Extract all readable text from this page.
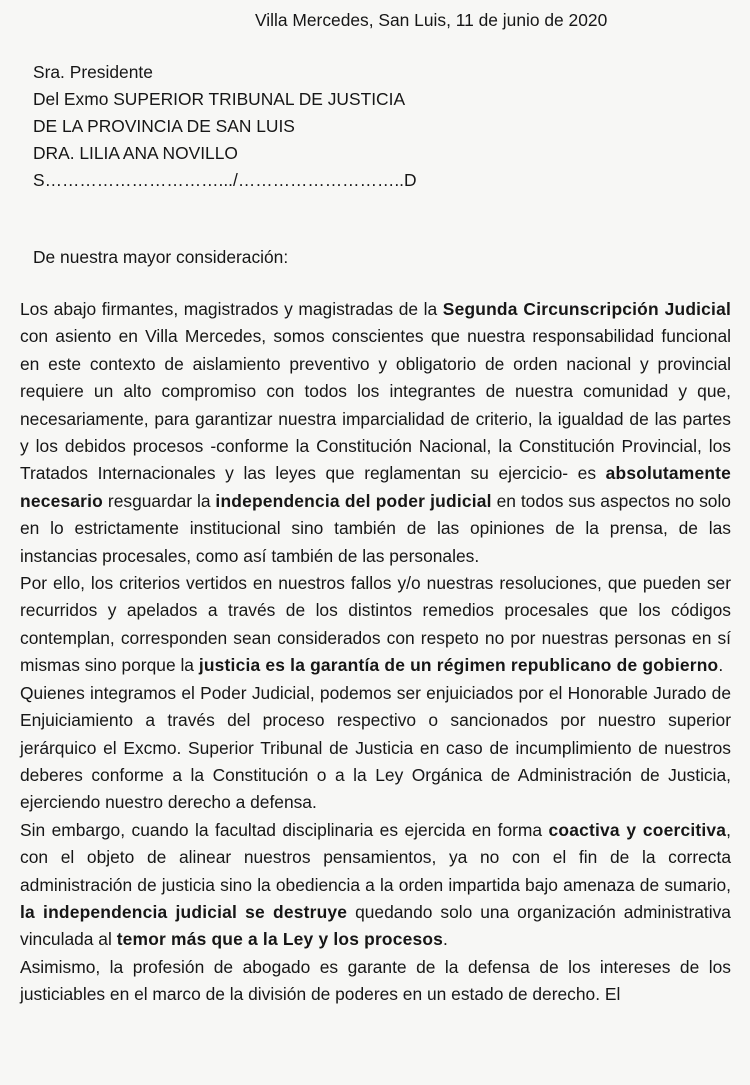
Villa Mercedes, San Luis, 11 de junio de 2020
Sra. Presidente
Del Exmo SUPERIOR TRIBUNAL DE JUSTICIA
DE LA PROVINCIA DE SAN LUIS
DRA. LILIA ANA NOVILLO
S………………………….../………………………..D
De nuestra mayor consideración:

Los abajo firmantes, magistrados y magistradas de la Segunda Circunscripción Judicial con asiento en Villa Mercedes, somos conscientes que nuestra responsabilidad funcional en este contexto de aislamiento preventivo y obligatorio de orden nacional y provincial requiere un alto compromiso con todos los integrantes de nuestra comunidad y que, necesariamente, para garantizar nuestra imparcialidad de criterio, la igualdad de las partes y los debidos procesos -conforme la Constitución Nacional, la Constitución Provincial, los Tratados Internacionales y las leyes que reglamentan su ejercicio- es absolutamente necesario resguardar la independencia del poder judicial en todos sus aspectos no solo en lo estrictamente institucional sino también de las opiniones de la prensa, de las instancias procesales, como así también de las personales.

Por ello, los criterios vertidos en nuestros fallos y/o nuestras resoluciones, que pueden ser recurridos y apelados a través de los distintos remedios procesales que los códigos contemplan, corresponden sean considerados con respeto no por nuestras personas en sí mismas sino porque la justicia es la garantía de un régimen republicano de gobierno.

Quienes integramos el Poder Judicial, podemos ser enjuiciados por el Honorable Jurado de Enjuiciamiento a través del proceso respectivo o sancionados por nuestro superior jerárquico el Excmo. Superior Tribunal de Justicia en caso de incumplimiento de nuestros deberes conforme a la Constitución o a la Ley Orgánica de Administración de Justicia, ejerciendo nuestro derecho a defensa.

Sin embargo, cuando la facultad disciplinaria es ejercida en forma coactiva y coercitiva, con el objeto de alinear nuestros pensamientos, ya no con el fin de la correcta administración de justicia sino la obediencia a la orden impartida bajo amenaza de sumario, la independencia judicial se destruye quedando solo una organización administrativa vinculada al temor más que a la Ley y los procesos.

Asimismo, la profesión de abogado es garante de la defensa de los intereses de los justiciables en el marco de la división de poderes en un estado de derecho. El
